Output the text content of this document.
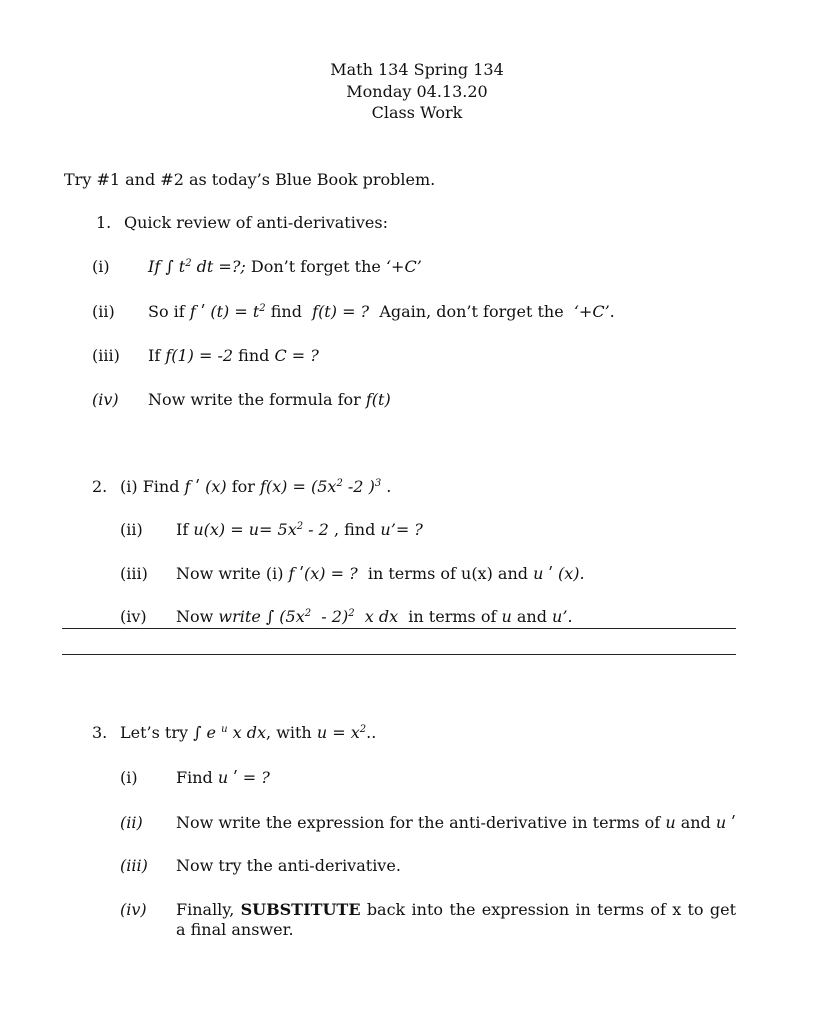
Math 134 Spring 134
Monday 04.13.20
Class Work
Try #1 and #2 as today’s Blue Book problem.
1. Quick review of anti-derivatives:
(i) If ∫ $t^2$ dt =?; Don’t forget the ‘+C’
(ii) So if f ʹ $(t) = t^2$ find  f(t) = ?  Again, don’t forget the  ‘+C’.
(iii) If f(1) = -2 find C = ?
(iv) Now write the formula for f(t)
2. (i) Find f ʹ (x) for $f(x) = (5x^2$ -2 )$^3$ .
(ii) If $u(x) = u= 5x^2 - 2$ , find u’= ?
(iii) Now write (i) f ʹ(x) = ?  in terms of u(x) and u ʹ (x).
(iv) Now write ∫ $(5x^2 - 2)^2$  x dx  in terms of u and u’.
3. Let’s try ∫ e $^u$ x dx, with $u = x^2$..
(i) Find u ʹ = ?
(ii) Now write the expression for the anti-derivative in terms of u and u ʹ
(iii) Now try the anti-derivative.
(iv) Finally, SUBSTITUTE back into the expression in terms of x to get a final answer.
